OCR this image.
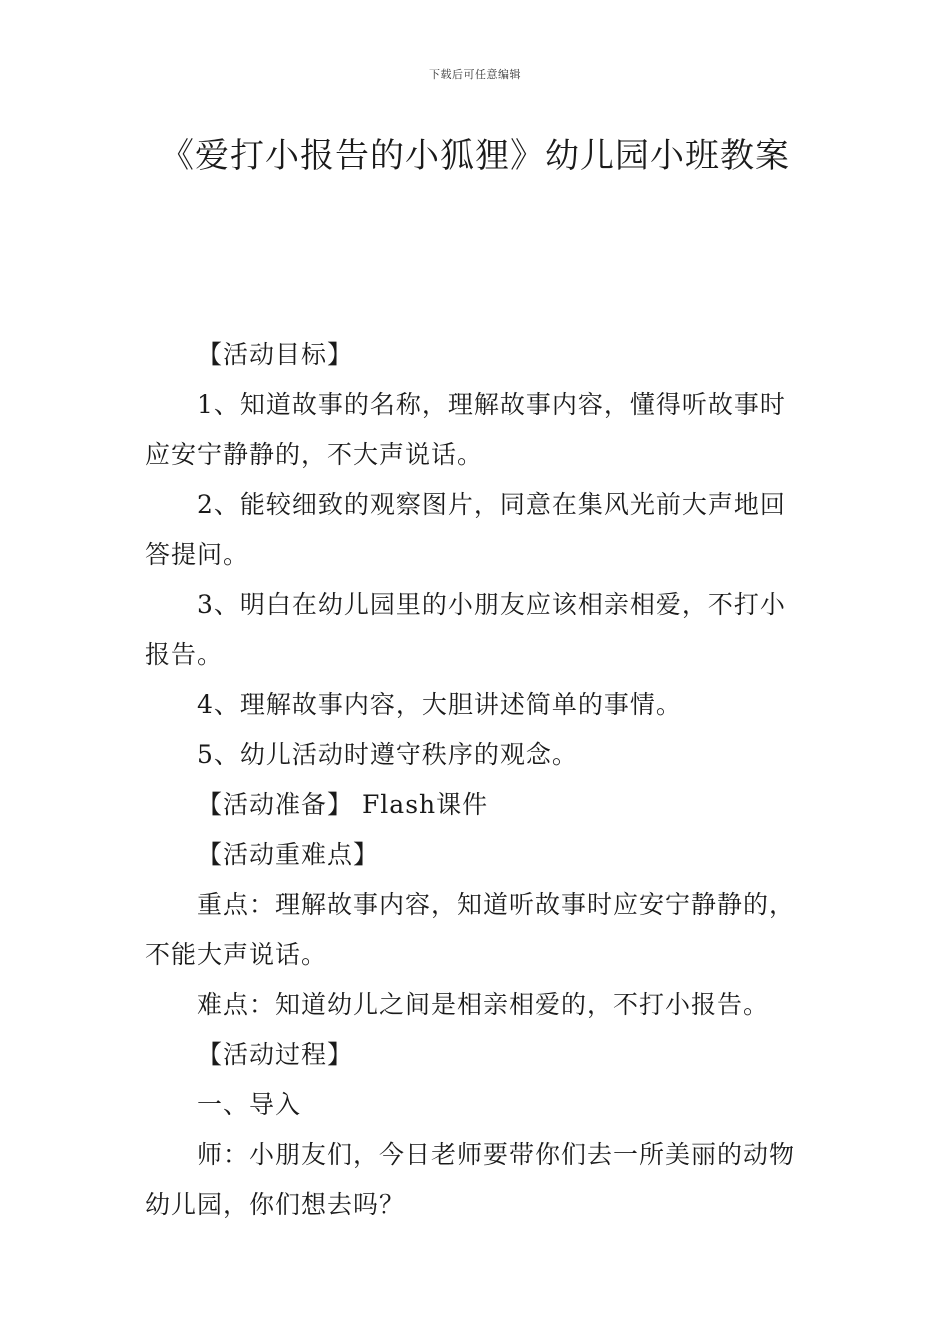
下载后可任意编辑
《爱打小报告的小狐狸》幼儿园小班教案

【活动目标】

1、知道故事的名称，理解故事内容，懂得听故事时应安宁静静的，不大声说话。

2、能较细致的观察图片，同意在集风光前大声地回答提问。

3、明白在幼儿园里的小朋友应该相亲相爱，不打小报告。

4、理解故事内容，大胆讲述简单的事情。

5、幼儿活动时遵守秩序的观念。

【活动准备】 Flash课件

【活动重难点】

重点：理解故事内容，知道听故事时应安宁静静的，不能大声说话。

难点：知道幼儿之间是相亲相爱的，不打小报告。

【活动过程】

一、导入

师：小朋友们，今日老师要带你们去一所美丽的动物幼儿园，你们想去吗？
